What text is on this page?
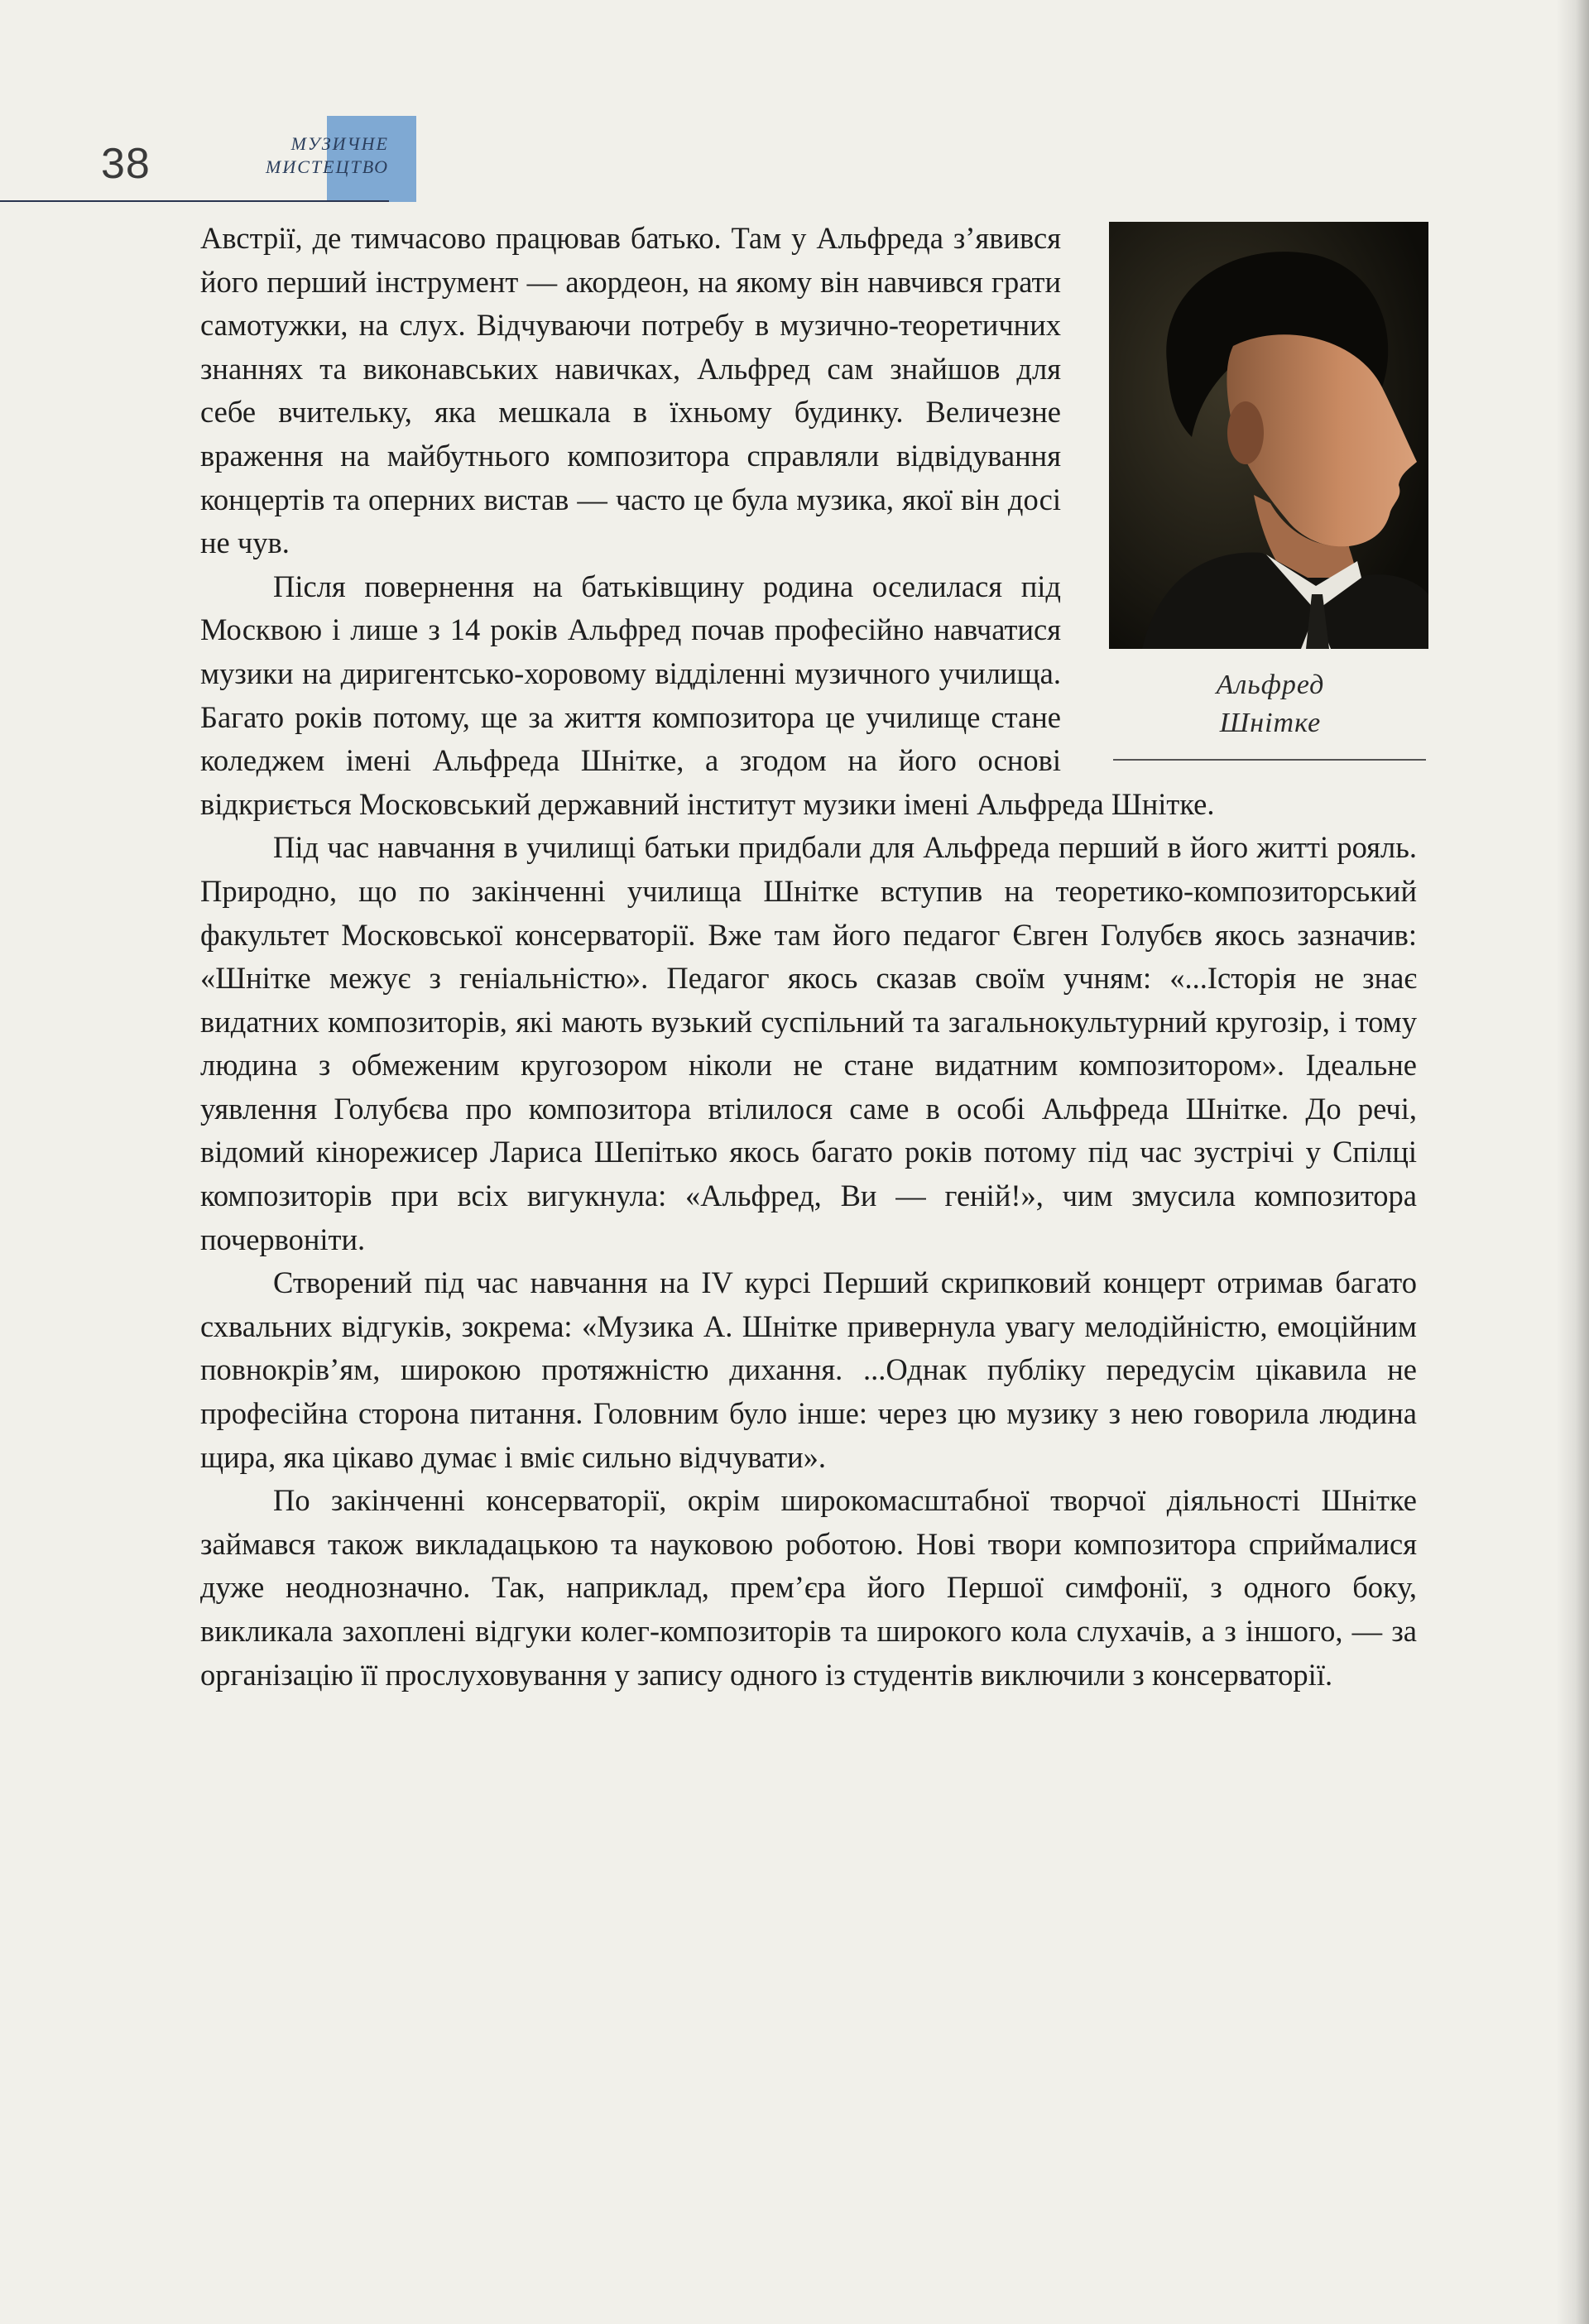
38	МУЗИЧНЕ
МИСТЕЦТВО
Альфред
Шнітке

Австрії, де тимчасово працював батько. Там у Альфреда з’явився його перший інструмент — акордеон, на якому він навчився грати самотужки, на слух. Відчуваючи потребу в музично-теоретичних знаннях та виконавських навичках, Альфред сам знайшов для себе вчительку, яка мешкала в їхньому будинку. Величезне враження на майбутнього композитора справляли відвідування концертів та оперних вистав — часто це була музика, якої він досі не чув.

Після повернення на батьківщину родина оселилася під Москвою і лише з 14 років Альфред почав професійно навчатися музики на диригентсько-хоровому відділенні музичного училища. Багато років потому, ще за життя композитора це училище стане коледжем імені Альфреда Шнітке, а згодом на його основі відкриється Московський державний інститут музики імені Альфреда Шнітке.

Під час навчання в училищі батьки придбали для Альфреда перший в його житті рояль. Природно, що по закінченні училища Шнітке вступив на теоретико-композиторський факультет Московської консерваторії. Вже там його педагог Євген Голубєв якось зазначив: «Шнітке межує з геніальністю». Педагог якось сказав своїм учням: «...Історія не знає видатних композиторів, які мають вузький суспільний та загальнокультурний кругозір, і тому людина з обмеженим кругозором ніколи не стане видатним композитором». Ідеальне уявлення Голубєва про композитора втілилося саме в особі Альфреда Шнітке. До речі, відомий кінорежисер Лариса Шепітько якось багато років потому під час зустрічі у Спілці композиторів при всіх вигукнула: «Альфред, Ви — геній!», чим змусила композитора почервоніти.

Створений під час навчання на IV курсі Перший скрипковий концерт отримав багато схвальних відгуків, зокрема: «Музика А. Шнітке привернула увагу мелодійністю, емоційним повнокрів’ям, широкою протяжністю дихання. ...Однак публіку передусім цікавила не професійна сторона питання. Головним було інше: через цю музику з нею говорила людина щира, яка цікаво думає і вміє сильно відчувати».

По закінченні консерваторії, окрім широкомасштабної творчої діяльності Шнітке займався також викладацькою та науковою роботою. Нові твори композитора сприймалися дуже неоднозначно. Так, наприклад, прем’єра його Першої симфонії, з одного боку, викликала захоплені відгуки колег-композиторів та широкого кола слухачів, а з іншого, — за організацію її прослуховування у запису одного із студентів виключили з консерваторії.
